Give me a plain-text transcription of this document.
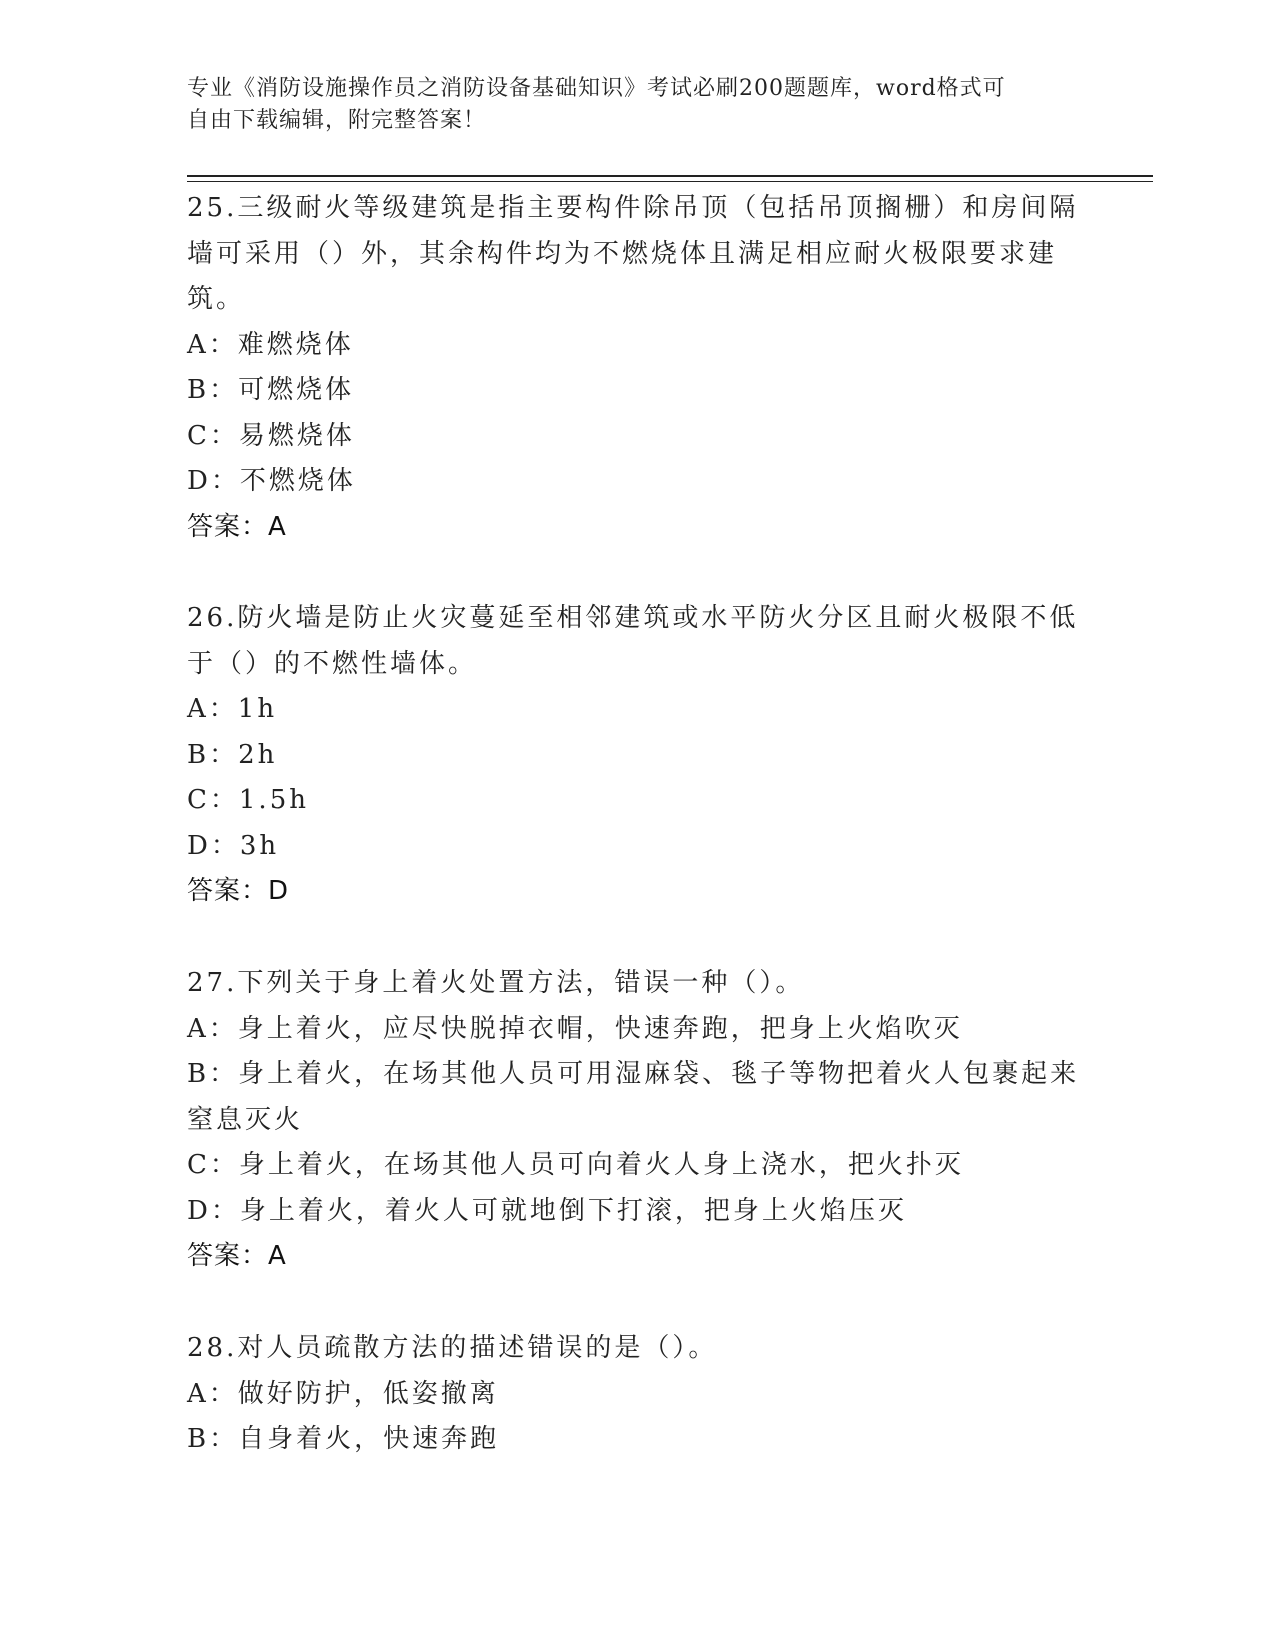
专业《消防设施操作员之消防设备基础知识》考试必刷200题题库，word格式可
自由下载编辑，附完整答案！

25.三级耐火等级建筑是指主要构件除吊顶（包括吊顶搁栅）和房间隔

墙可采用（）外，其余构件均为不燃烧体且满足相应耐火极限要求建

筑。

A：难燃烧体

B：可燃烧体

C：易燃烧体

D：不燃烧体

答案：A

26.防火墙是防止火灾蔓延至相邻建筑或水平防火分区且耐火极限不低

于（）的不燃性墙体。

A：1h

B：2h

C：1.5h

D：3h

答案：D

27.下列关于身上着火处置方法，错误一种（）。

A：身上着火，应尽快脱掉衣帽，快速奔跑，把身上火焰吹灭

B：身上着火，在场其他人员可用湿麻袋、毯子等物把着火人包裹起来

窒息灭火

C：身上着火，在场其他人员可向着火人身上浇水，把火扑灭

D：身上着火，着火人可就地倒下打滚，把身上火焰压灭

答案：A

28.对人员疏散方法的描述错误的是（）。

A：做好防护，低姿撤离

B：自身着火，快速奔跑
